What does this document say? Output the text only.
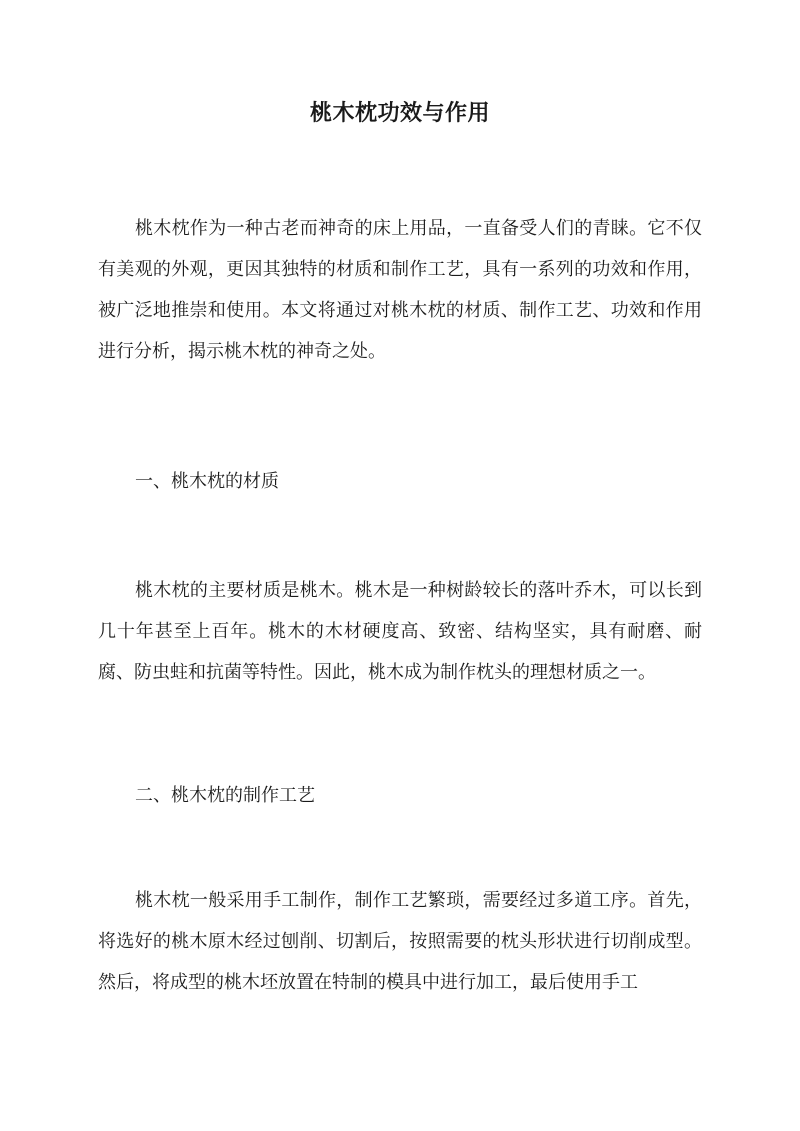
桃木枕功效与作用

桃木枕作为一种古老而神奇的床上用品，一直备受人们的青睐。它不仅有美观的外观，更因其独特的材质和制作工艺，具有一系列的功效和作用，被广泛地推崇和使用。本文将通过对桃木枕的材质、制作工艺、功效和作用进行分析，揭示桃木枕的神奇之处。

一、桃木枕的材质

桃木枕的主要材质是桃木。桃木是一种树龄较长的落叶乔木，可以长到几十年甚至上百年。桃木的木材硬度高、致密、结构坚实，具有耐磨、耐腐、防虫蛀和抗菌等特性。因此，桃木成为制作枕头的理想材质之一。

二、桃木枕的制作工艺

桃木枕一般采用手工制作，制作工艺繁琐，需要经过多道工序。首先，将选好的桃木原木经过刨削、切割后，按照需要的枕头形状进行切削成型。然后，将成型的桃木坯放置在特制的模具中进行加工，最后使用手工
